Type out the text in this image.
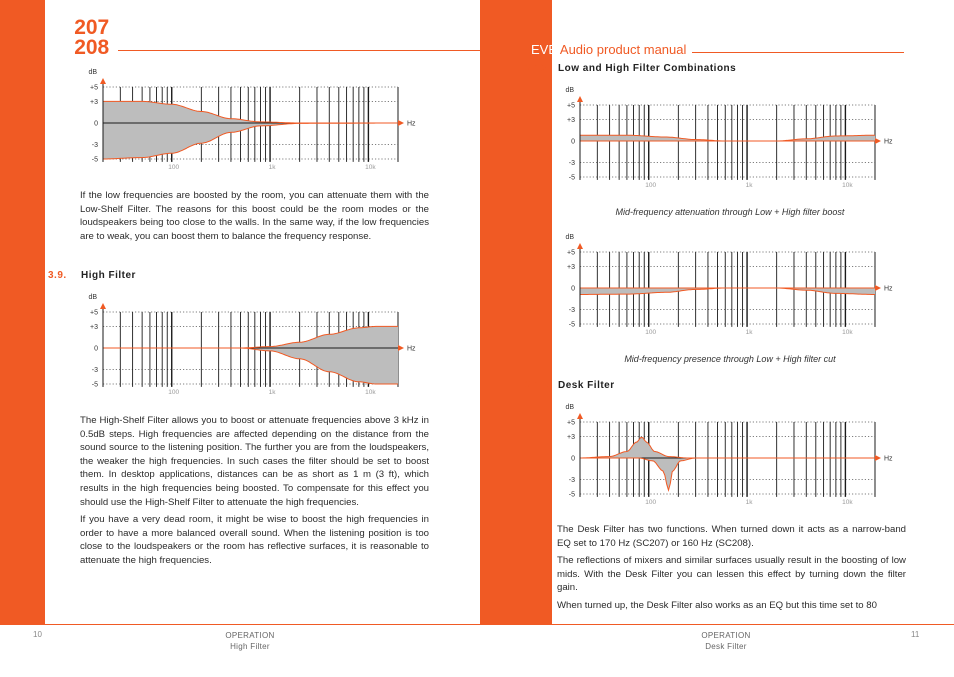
SC207
SC208	EVE Audio product manual
dB
Hz
+5
+3
0
-3
-5
100	1k	10k

If the low frequencies are boosted by the room, you can attenuate them with the Low-Shelf Filter. The reasons for this boost could be the room modes or the loudspeakers being too close to the walls. In the same way, if the low frequencies are to weak, you can boost them to balance the frequency response.

3.9. High Filter
dB
Hz
+5
+3
0
-3
-5
100	1k	10k

The High-Shelf Filter allows you to boost or attenuate frequencies above 3 kHz in 0.5dB steps. High frequencies are affected depending on the distance from the sound source to the listening position. The further you are from the loudspeakers, the weaker the high frequencies. In such cases the filter should be set to boost them. In desktop applications, distances can be as short as 1 m (3 ft), which results in the high frequencies being boosted. To compensate for this effect you should use the High-Shelf Filter to attenuate the high frequencies.

If you have a very dead room, it might be wise to boost the high frequencies in order to have a more balanced overall sound. When the listening position is too close to the loudspeakers or the room has reflective surfaces, it is reasonable to attenuate the high frequencies.

3.10. Low and High Filter Combinations
dB
Hz
+5
+3
0
-3
-5
100	1k	10k
Mid-frequency attenuation through Low + High filter boost
dB
Hz
+5
+3
0
-3
-5
100	1k	10k
Mid-frequency presence through Low + High filter cut
3.11. Desk Filter
dB
Hz
+5
+3
0
-3
-5
100	1k	10k

The Desk Filter has two functions. When turned down it acts as a narrow-band EQ set to 170 Hz (SC207) or 160 Hz (SC208).

The reflections of mixers and similar surfaces usually result in the boosting of low mids. With the Desk Filter you can lessen this effect by turning down the filter gain.

When turned up, the Desk Filter also works as an EQ but this time set to 80

10	OPERATION
High Filter
11
OPERATION
Desk Filter
